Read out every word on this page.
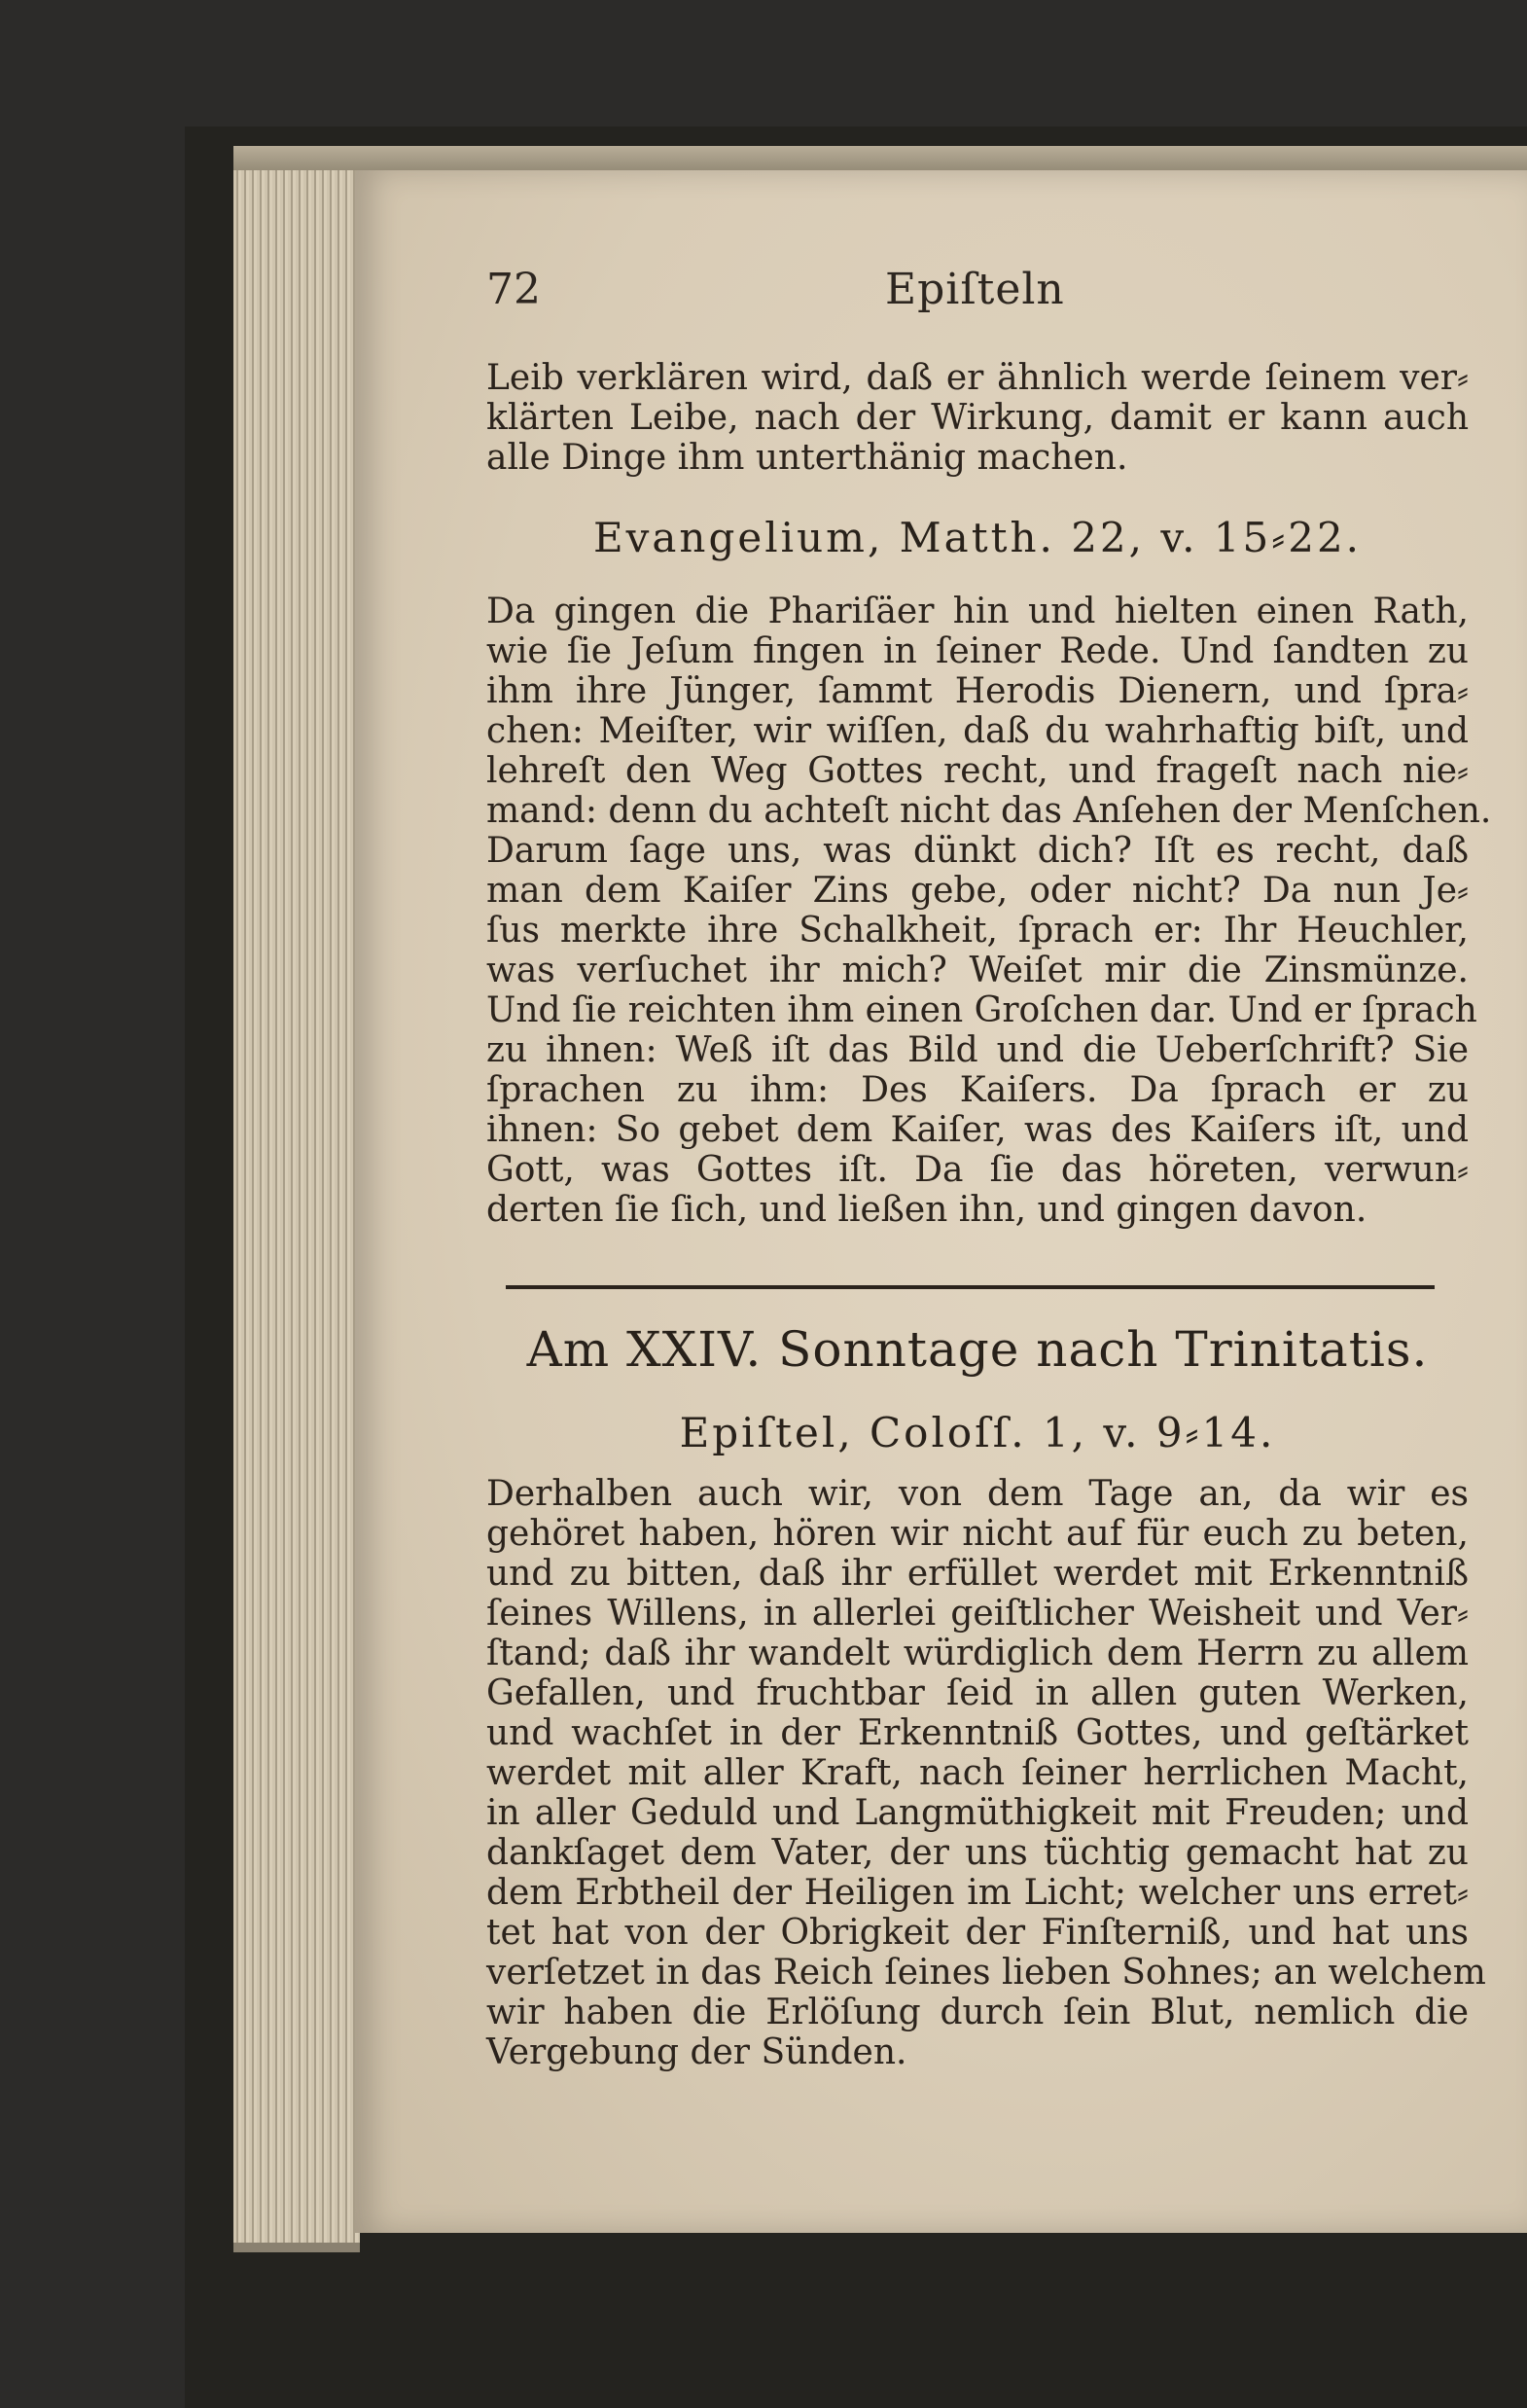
72	Epiſteln
Leib verklären wird, daß er ähnlich werde ſeinem ver⸗
klärten Leibe, nach der Wirkung, damit er kann auch
alle Dinge ihm unterthänig machen.
Evangelium, Matth. 22, v. 15⸗22.
Da gingen die Phariſäer hin und hielten einen Rath,
wie ſie Jeſum fingen in ſeiner Rede. Und ſandten zu
ihm ihre Jünger, ſammt Herodis Dienern, und ſpra⸗
chen: Meiſter, wir wiſſen, daß du wahrhaftig biſt, und
lehreſt den Weg Gottes recht, und frageſt nach nie⸗
mand: denn du achteſt nicht das Anſehen der Menſchen.
Darum ſage uns, was dünkt dich? Iſt es recht, daß
man dem Kaiſer Zins gebe, oder nicht? Da nun Je⸗
ſus merkte ihre Schalkheit, ſprach er: Ihr Heuchler,
was verſuchet ihr mich? Weiſet mir die Zinsmünze.
Und ſie reichten ihm einen Groſchen dar. Und er ſprach
zu ihnen: Weß iſt das Bild und die Ueberſchrift? Sie
ſprachen zu ihm: Des Kaiſers. Da ſprach er zu
ihnen: So gebet dem Kaiſer, was des Kaiſers iſt, und
Gott, was Gottes iſt. Da ſie das höreten, verwun⸗
derten ſie ſich, und ließen ihn, und gingen davon.
Am XXIV. Sonntage nach Trinitatis.
Epiſtel, Coloſſ. 1, v. 9⸗14.
Derhalben auch wir, von dem Tage an, da wir es
gehöret haben, hören wir nicht auf für euch zu beten,
und zu bitten, daß ihr erfüllet werdet mit Erkenntniß
ſeines Willens, in allerlei geiſtlicher Weisheit und Ver⸗
ſtand; daß ihr wandelt würdiglich dem Herrn zu allem
Gefallen, und fruchtbar ſeid in allen guten Werken,
und wachſet in der Erkenntniß Gottes, und geſtärket
werdet mit aller Kraft, nach ſeiner herrlichen Macht,
in aller Geduld und Langmüthigkeit mit Freuden; und
dankſaget dem Vater, der uns tüchtig gemacht hat zu
dem Erbtheil der Heiligen im Licht; welcher uns erret⸗
tet hat von der Obrigkeit der Finſterniß, und hat uns
verſetzet in das Reich ſeines lieben Sohnes; an welchem
wir haben die Erlöſung durch ſein Blut, nemlich die
Vergebung der Sünden.
